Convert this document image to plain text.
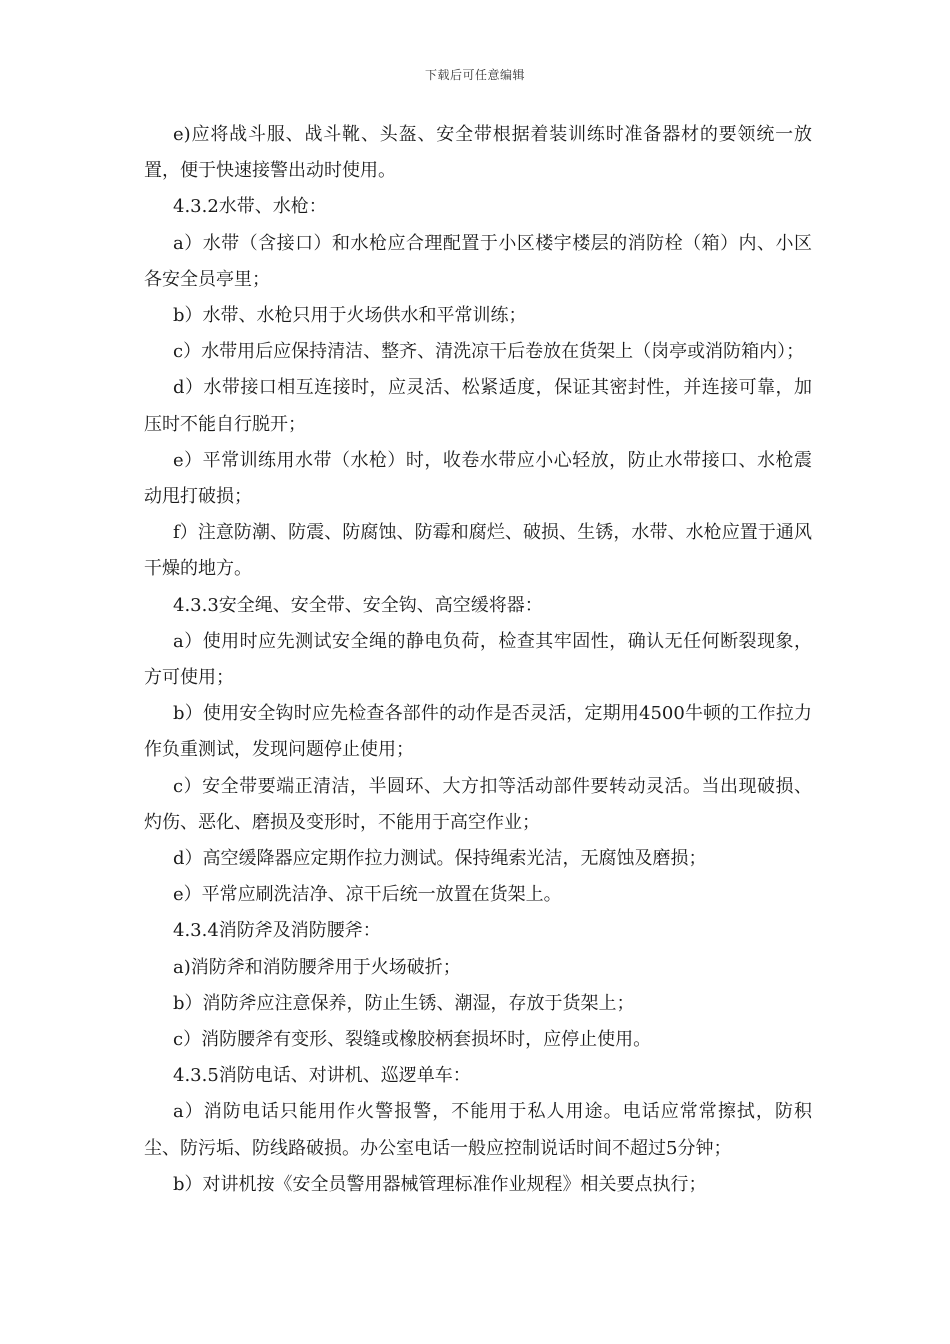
下载后可任意编辑

e)应将战斗服、战斗靴、头盔、安全带根据着装训练时准备器材的要领统一放置，便于快速接警出动时使用。

4.3.2水带、水枪：

a）水带（含接口）和水枪应合理配置于小区楼宇楼层的消防栓（箱）内、小区各安全员亭里；

b）水带、水枪只用于火场供水和平常训练；

c）水带用后应保持清洁、整齐、清洗凉干后卷放在货架上（岗亭或消防箱内）；

d）水带接口相互连接时，应灵活、松紧适度，保证其密封性，并连接可靠，加压时不能自行脱开；

e）平常训练用水带（水枪）时，收卷水带应小心轻放，防止水带接口、水枪震动甩打破损；

f）注意防潮、防震、防腐蚀、防霉和腐烂、破损、生锈，水带、水枪应置于通风干燥的地方。

4.3.3安全绳、安全带、安全钩、高空缓将器：

a）使用时应先测试安全绳的静电负荷，检查其牢固性，确认无任何断裂现象，方可使用；

b）使用安全钩时应先检查各部件的动作是否灵活，定期用4500牛顿的工作拉力作负重测试，发现问题停止使用；

c）安全带要端正清洁，半圆环、大方扣等活动部件要转动灵活。当出现破损、灼伤、恶化、磨损及变形时，不能用于高空作业；

d）高空缓降器应定期作拉力测试。保持绳索光洁，无腐蚀及磨损；

e）平常应刷洗洁净、凉干后统一放置在货架上。

4.3.4消防斧及消防腰斧：

a)消防斧和消防腰斧用于火场破折；

b）消防斧应注意保养，防止生锈、潮湿，存放于货架上；

c）消防腰斧有变形、裂缝或橡胶柄套损坏时，应停止使用。

4.3.5消防电话、对讲机、巡逻单车：

a）消防电话只能用作火警报警，不能用于私人用途。电话应常常擦拭，防积尘、防污垢、防线路破损。办公室电话一般应控制说话时间不超过5分钟；

b）对讲机按《安全员警用器械管理标准作业规程》相关要点执行；
